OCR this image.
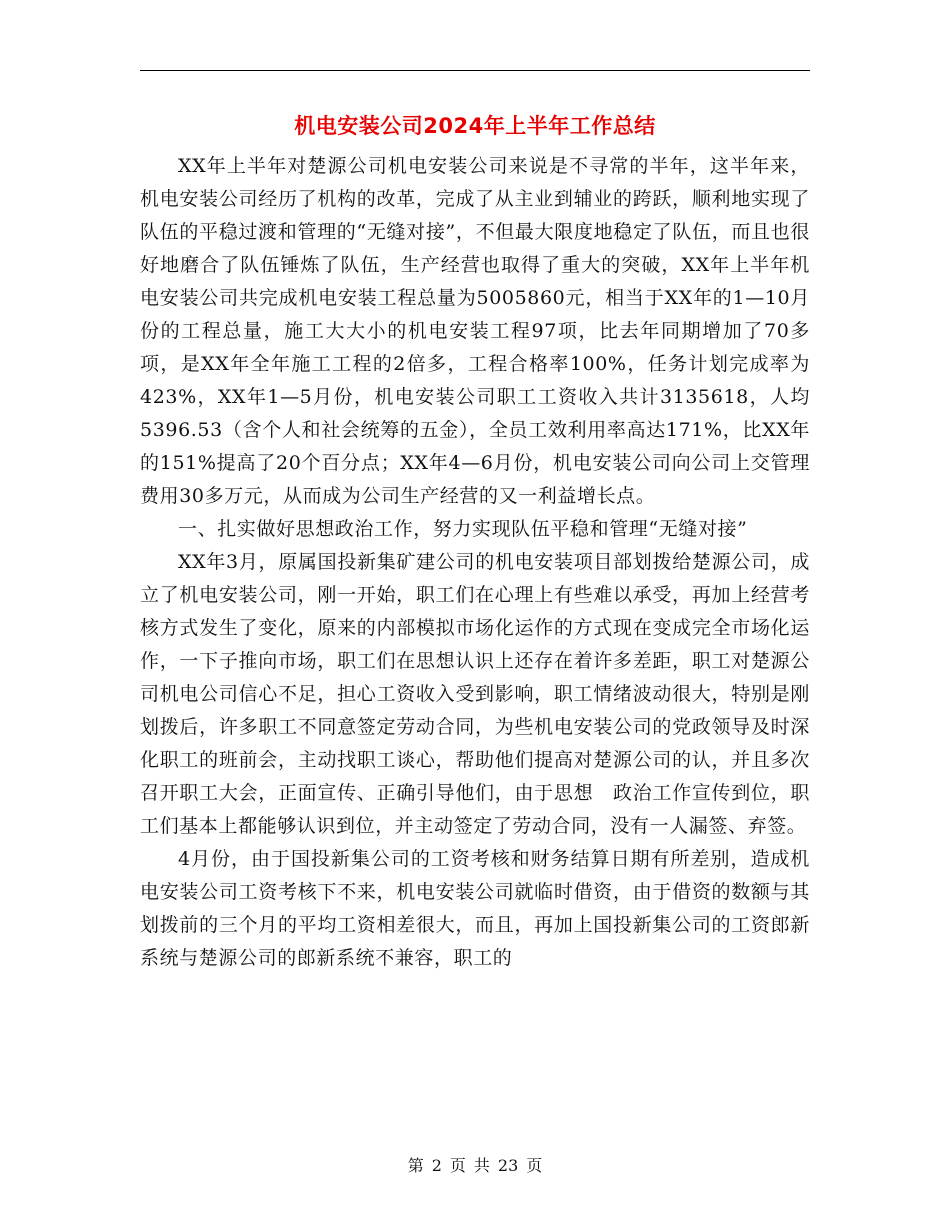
机电安装公司2024年上半年工作总结

XX年上半年对楚源公司机电安装公司来说是不寻常的半年，这半年来，机电安装公司经历了机构的改革，完成了从主业到辅业的跨跃，顺利地实现了队伍的平稳过渡和管理的“无缝对接”，不但最大限度地稳定了队伍，而且也很好地磨合了队伍锤炼了队伍，生产经营也取得了重大的突破，XX年上半年机电安装公司共完成机电安装工程总量为5005860元，相当于XX年的1—10月份的工程总量，施工大大小的机电安装工程97项，比去年同期增加了70多项，是XX年全年施工工程的2倍多，工程合格率100%，任务计划完成率为423%，XX年1—5月份，机电安装公司职工工资收入共计3135618，人均5396.53（含个人和社会统筹的五金），全员工效利用率高达171%，比XX年的151%提高了20个百分点；XX年4—6月份，机电安装公司向公司上交管理费用30多万元，从而成为公司生产经营的又一利益增长点。

一、扎实做好思想政治工作，努力实现队伍平稳和管理“无缝对接”

XX年3月，原属国投新集矿建公司的机电安装项目部划拨给楚源公司，成立了机电安装公司，刚一开始，职工们在心理上有些难以承受，再加上经营考核方式发生了变化，原来的内部模拟市场化运作的方式现在变成完全市场化运作，一下子推向市场，职工们在思想认识上还存在着许多差距，职工对楚源公司机电公司信心不足，担心工资收入受到影响，职工情绪波动很大，特别是刚划拨后，许多职工不同意签定劳动合同，为些机电安装公司的党政领导及时深化职工的班前会，主动找职工谈心，帮助他们提高对楚源公司的认，并且多次召开职工大会，正面宣传、正确引导他们，由于思想　政治工作宣传到位，职工们基本上都能够认识到位，并主动签定了劳动合同，没有一人漏签、弃签。

4月份，由于国投新集公司的工资考核和财务结算日期有所差别，造成机电安装公司工资考核下不来，机电安装公司就临时借资，由于借资的数额与其划拨前的三个月的平均工资相差很大，而且，再加上国投新集公司的工资郎新系统与楚源公司的郎新系统不兼容，职工的

第 2 页 共 23 页
